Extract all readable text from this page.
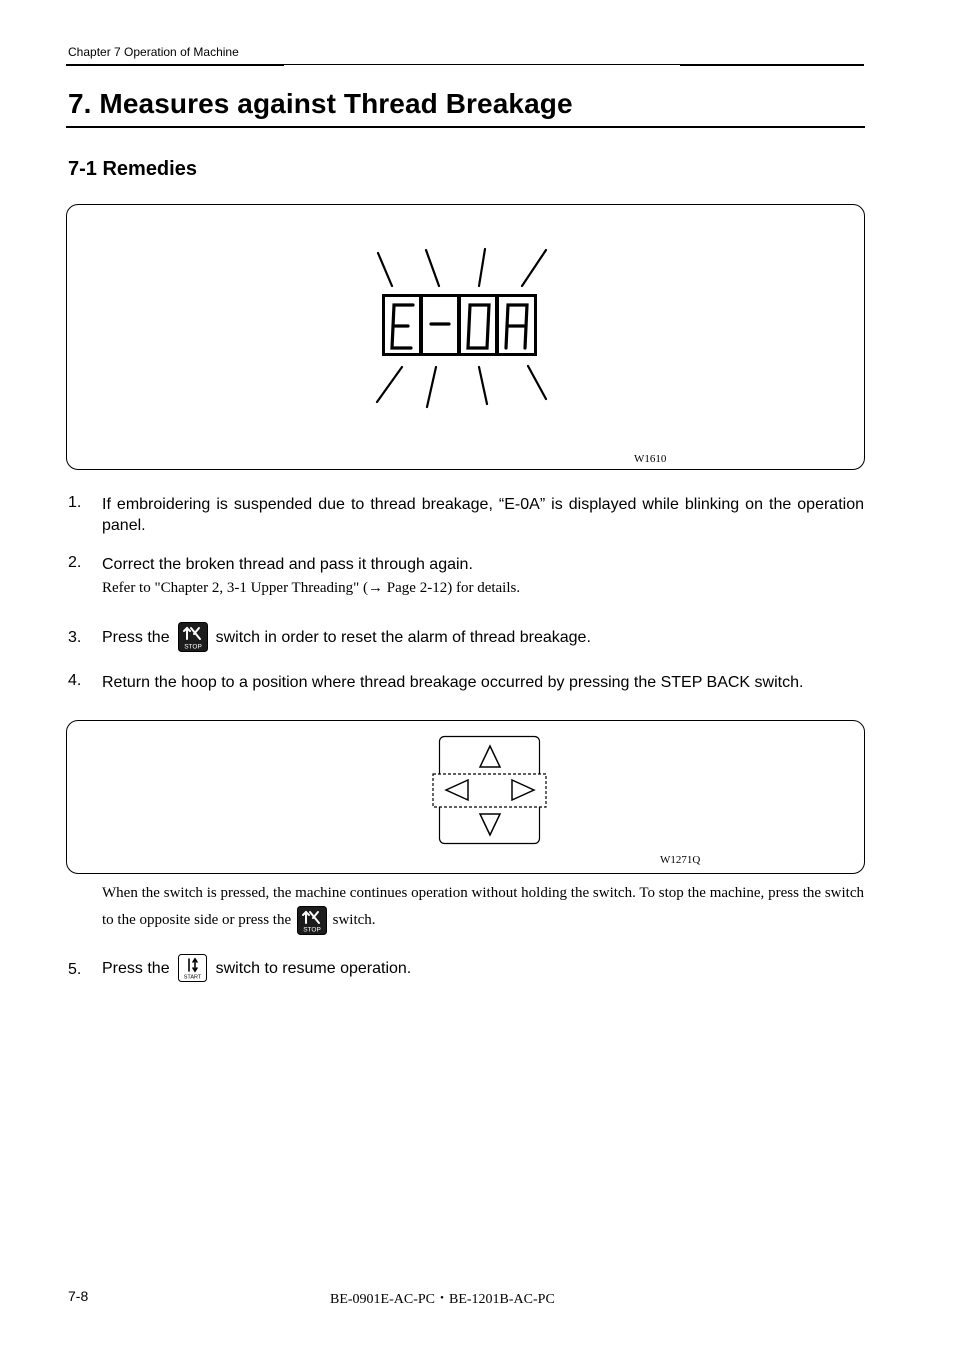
Chapter 7 Operation of Machine
7. Measures against Thread Breakage
7-1 Remedies
W1610
1. If embroidering is suspended due to thread breakage, “E-0A” is displayed while blinking on the operation panel.
2. Correct the broken thread and pass it through again.
Refer to "Chapter 2, 3-1 Upper Threading" (→ Page 2-12) for details.
3. Press the
STOP
switch in order to reset the alarm of thread breakage.
4. Return the hoop to a position where thread breakage occurred by pressing the STEP BACK switch.
W1271Q
When the switch is pressed, the machine continues operation without holding the switch. To stop the machine, press the switch to the opposite side or press the
STOP
switch.
5. Press the
START
switch to resume operation.
7-8	BE-0901E-AC-PC・BE-1201B-AC-PC
